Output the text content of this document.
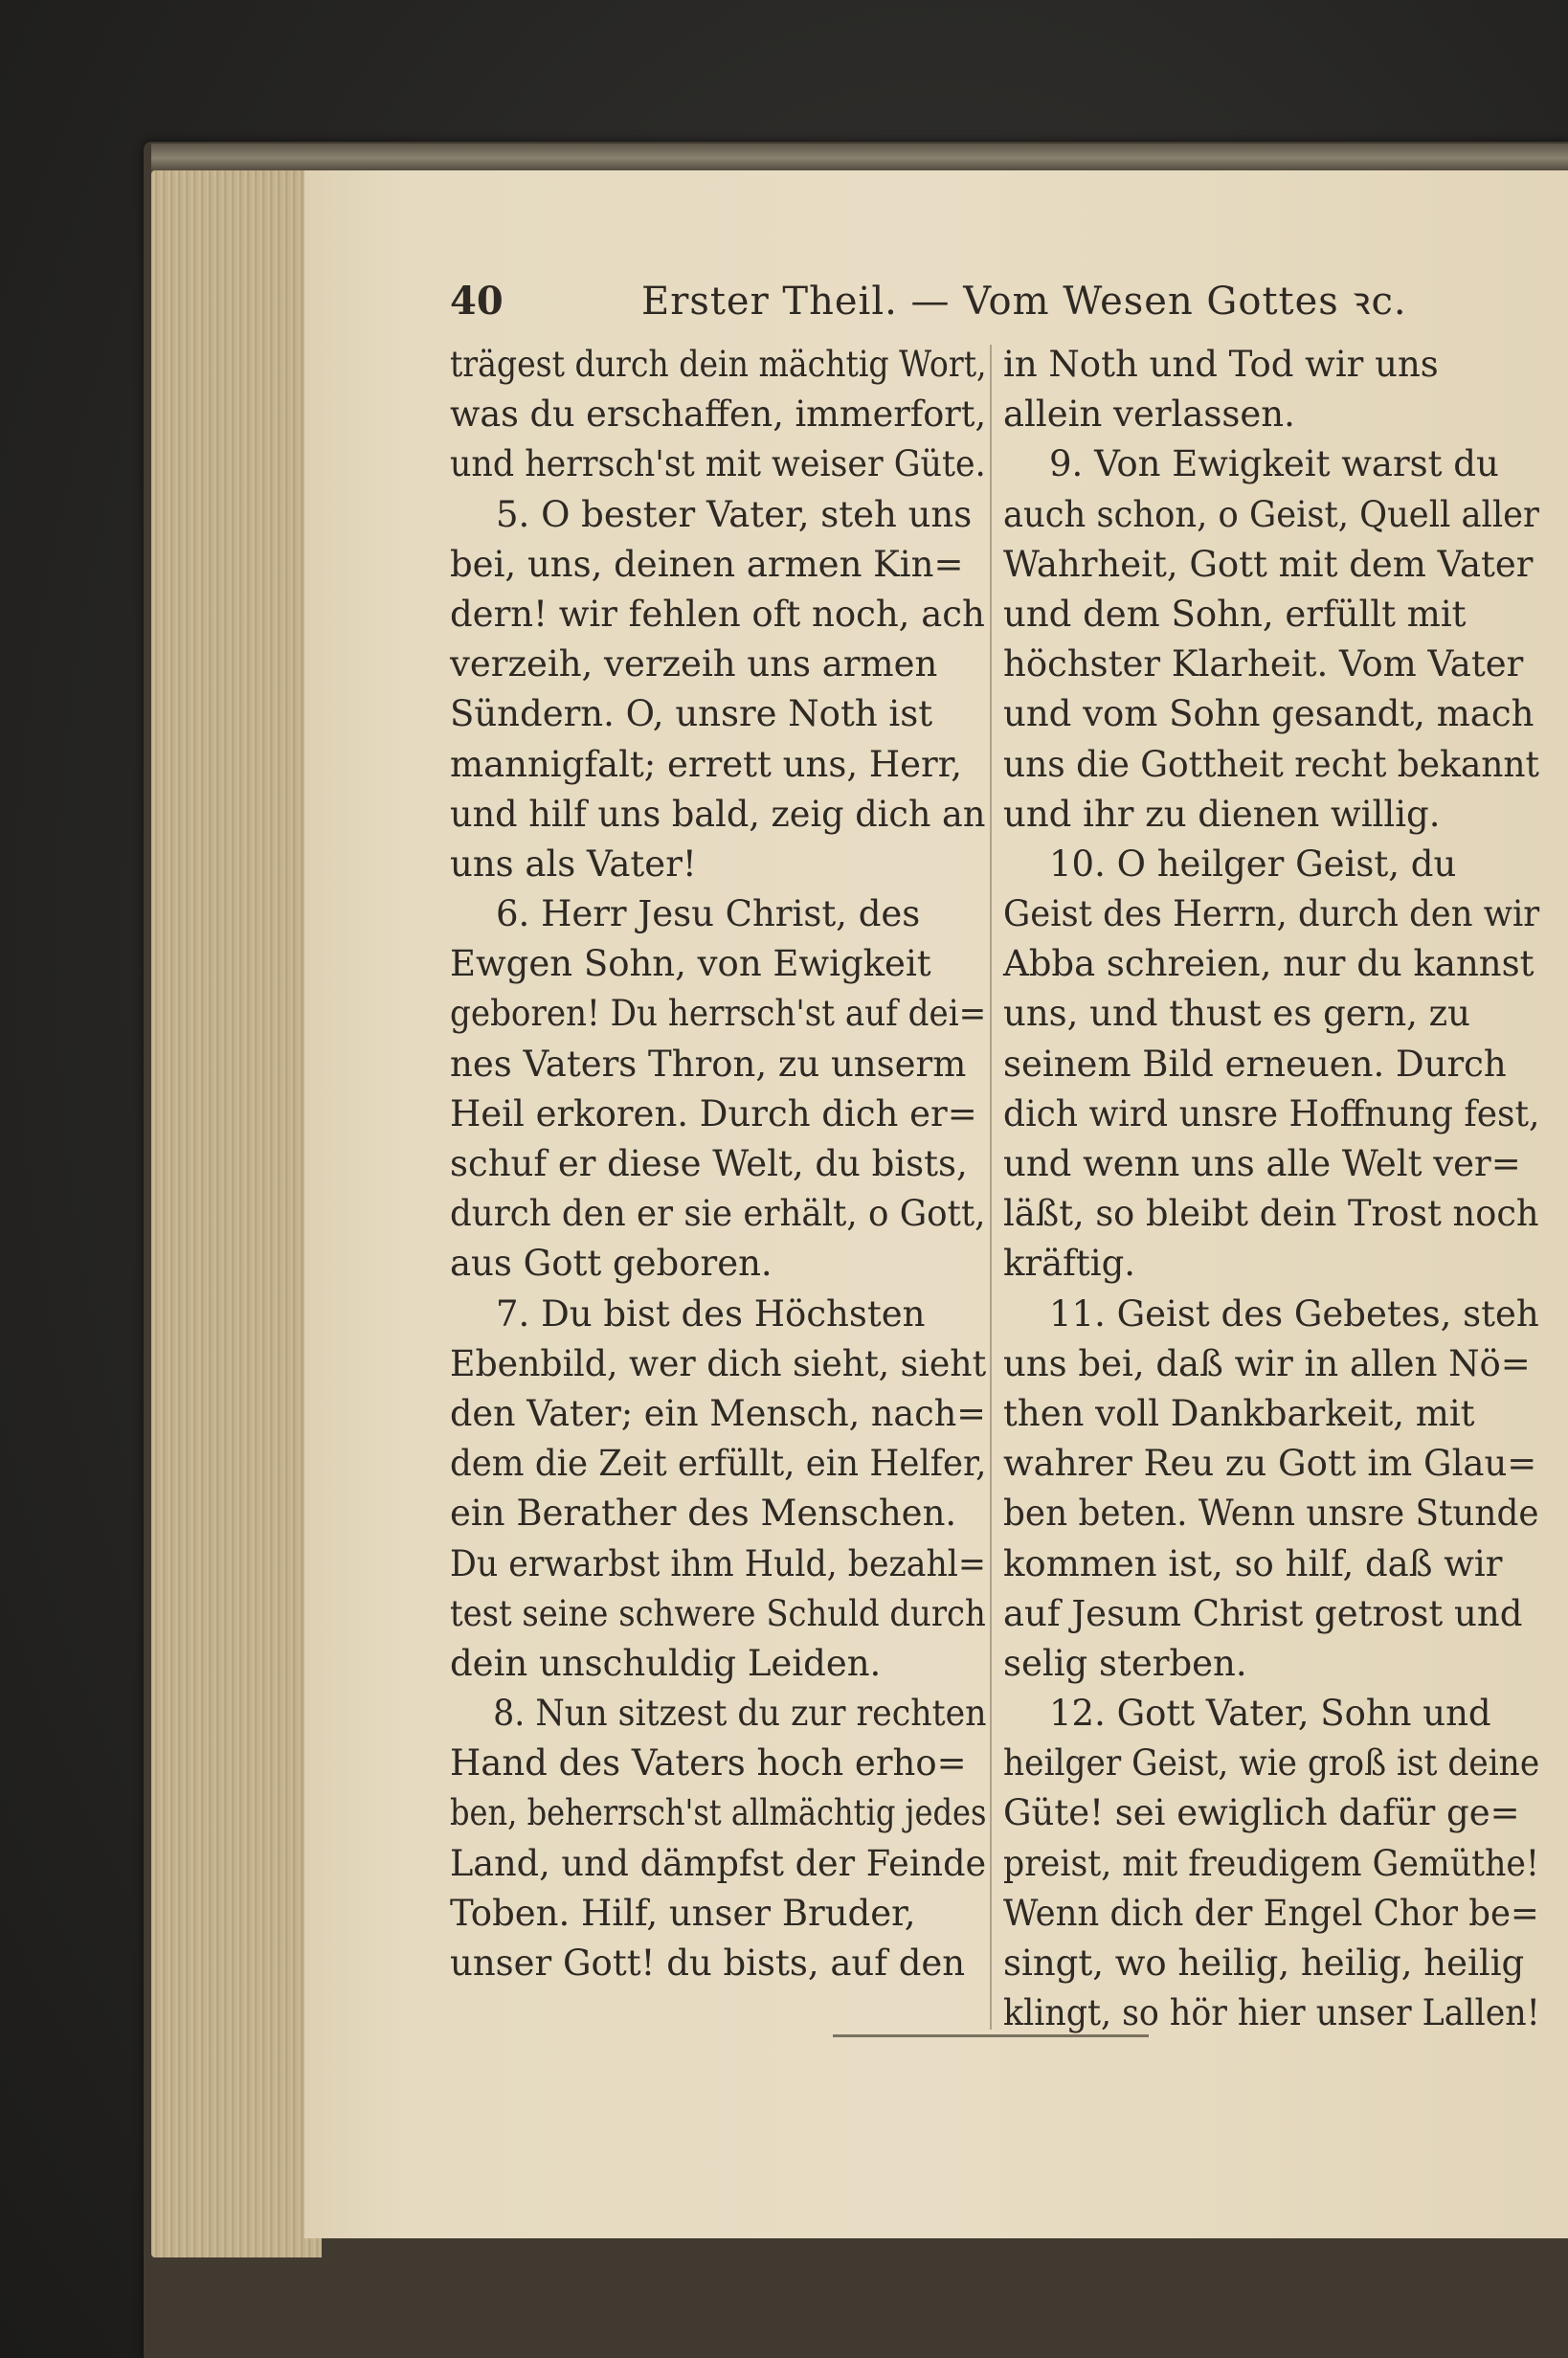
40	Erster Theil. — Vom Wesen Gottes ꝛc.
trägest durch dein mächtig Wort,
was du erschaffen, immerfort,
und herrsch'st mit weiser Güte.
5. O bester Vater, steh uns
bei, uns, deinen armen Kin=
dern! wir fehlen oft noch, ach
verzeih, verzeih uns armen
Sündern. O, unsre Noth ist
mannigfalt; errett uns, Herr,
und hilf uns bald, zeig dich an
uns als Vater!
6. Herr Jesu Christ, des
Ewgen Sohn, von Ewigkeit
geboren! Du herrsch'st auf dei=
nes Vaters Thron, zu unserm
Heil erkoren. Durch dich er=
schuf er diese Welt, du bists,
durch den er sie erhält, o Gott,
aus Gott geboren.
7. Du bist des Höchsten
Ebenbild, wer dich sieht, sieht
den Vater; ein Mensch, nach=
dem die Zeit erfüllt, ein Helfer,
ein Berather des Menschen.
Du erwarbst ihm Huld, bezahl=
test seine schwere Schuld durch
dein unschuldig Leiden.
8. Nun sitzest du zur rechten
Hand des Vaters hoch erho=
ben, beherrsch'st allmächtig jedes
Land, und dämpfst der Feinde
Toben. Hilf, unser Bruder,
unser Gott! du bists, auf den
in Noth und Tod wir uns
allein verlassen.
9. Von Ewigkeit warst du
auch schon, o Geist, Quell aller
Wahrheit, Gott mit dem Vater
und dem Sohn, erfüllt mit
höchster Klarheit. Vom Vater
und vom Sohn gesandt, mach
uns die Gottheit recht bekannt
und ihr zu dienen willig.
10. O heilger Geist, du
Geist des Herrn, durch den wir
Abba schreien, nur du kannst
uns, und thust es gern, zu
seinem Bild erneuen. Durch
dich wird unsre Hoffnung fest,
und wenn uns alle Welt ver=
läßt, so bleibt dein Trost noch
kräftig.
11. Geist des Gebetes, steh
uns bei, daß wir in allen Nö=
then voll Dankbarkeit, mit
wahrer Reu zu Gott im Glau=
ben beten. Wenn unsre Stunde
kommen ist, so hilf, daß wir
auf Jesum Christ getrost und
selig sterben.
12. Gott Vater, Sohn und
heilger Geist, wie groß ist deine
Güte! sei ewiglich dafür ge=
preist, mit freudigem Gemüthe!
Wenn dich der Engel Chor be=
singt, wo heilig, heilig, heilig
klingt, so hör hier unser Lallen!
